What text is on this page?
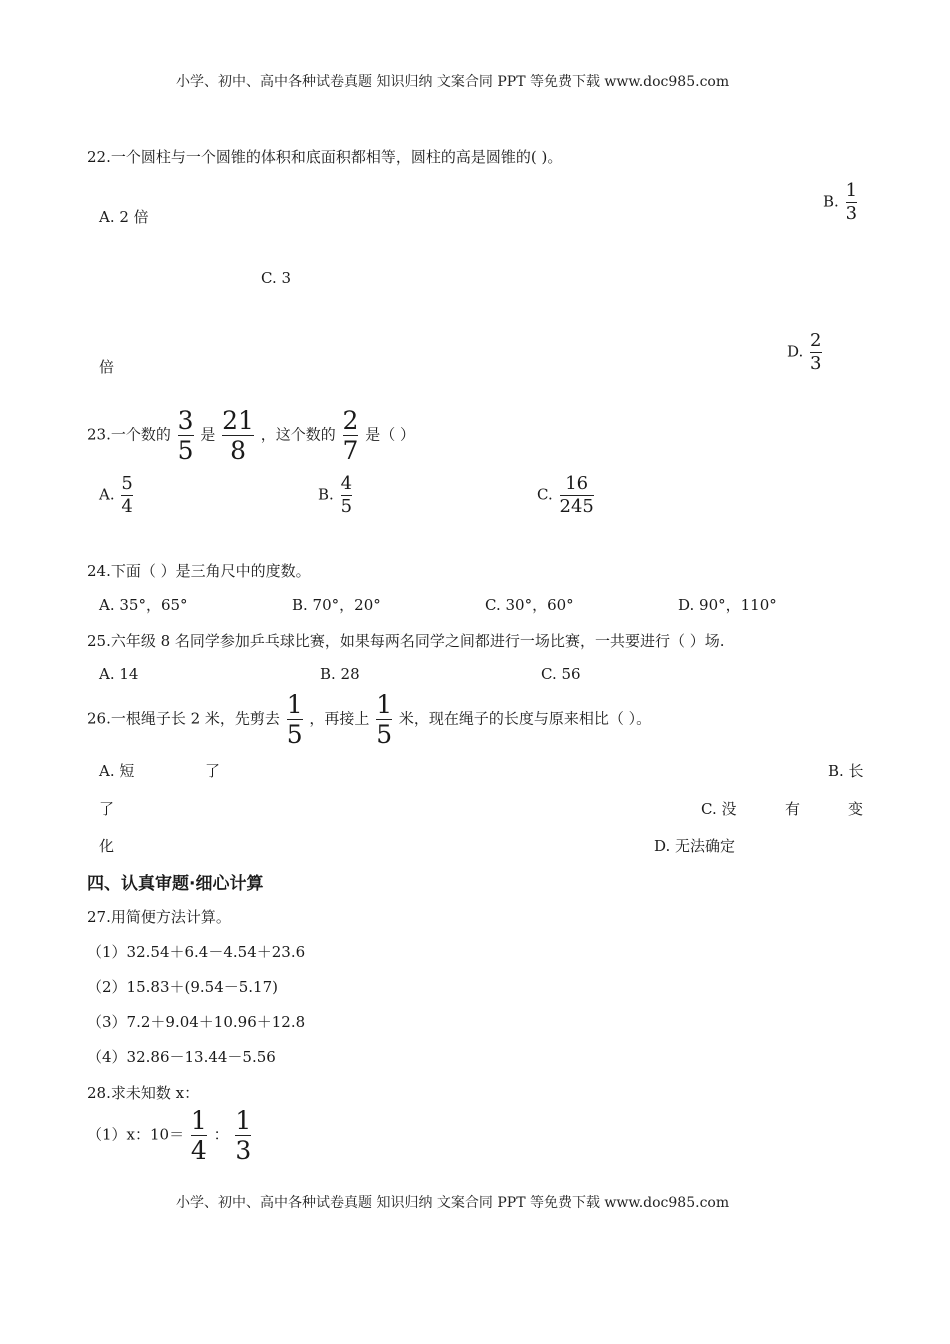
小学、初中、高中各种试卷真题 知识归纳 文案合同 PPT 等免费下载 www.doc985.com
22.一个圆柱与一个圆锥的体积和底面积都相等，圆柱的高是圆锥的( )。
A. 2 倍
B. $\frac{1}{3}$
C. 3
倍
D. $\frac{2}{3}$
23.一个数的 $\frac{3}{5}$ 是 $\frac{21}{8}$ ，这个数的 $\frac{2}{7}$ 是（ ）
A. $\frac{5}{4}$	B. $\frac{4}{5}$	C. $\frac{16}{245}$
24.下面（ ）是三角尺中的度数。
A. 35°，65°	B. 70°，20°	C. 30°，60°	D. 90°，110°
25.六年级 8 名同学参加乒乓球比赛，如果每两名同学之间都进行一场比赛，一共要进行（ ）场.
A. 14	B. 28	C. 56
26.一根绳子长 2 米，先剪去 $\frac{1}{5}$ ，再接上 $\frac{1}{5}$ 米，现在绳子的长度与原来相比（ ）。
A. 短	了	B. 长
了	C. 没	有	变
化	D. 无法确定
四、认真审题·细心计算
27.用简便方法计算。
（1）32.54＋6.4－4.54＋23.6
（2）15.83＋(9.54－5.17)
（3）7.2＋9.04＋10.96＋12.8
（4）32.86－13.44－5.56
28.求未知数 x：
（1）x：$10= \frac{1}{4}$ ： $\frac{1}{3}$
小学、初中、高中各种试卷真题 知识归纳 文案合同 PPT 等免费下载 www.doc985.com
